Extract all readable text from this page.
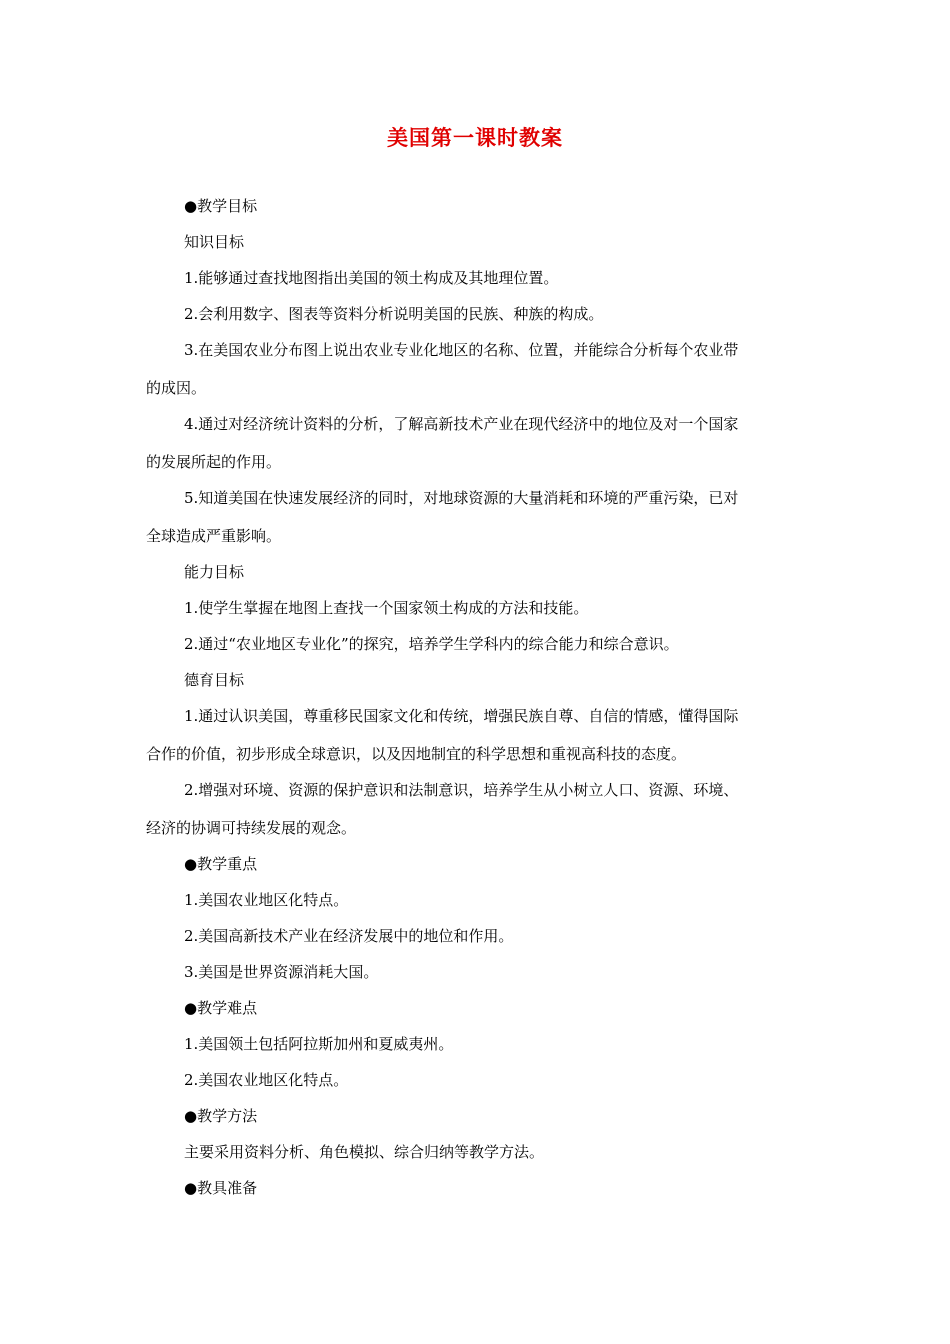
美国第一课时教案

●教学目标

知识目标

1.能够通过查找地图指出美国的领土构成及其地理位置。

2.会利用数字、图表等资料分析说明美国的民族、种族的构成。

3.在美国农业分布图上说出农业专业化地区的名称、位置，并能综合分析每个农业带

的成因。

4.通过对经济统计资料的分析，了解高新技术产业在现代经济中的地位及对一个国家

的发展所起的作用。

5.知道美国在快速发展经济的同时，对地球资源的大量消耗和环境的严重污染，已对

全球造成严重影响。

能力目标

1.使学生掌握在地图上查找一个国家领土构成的方法和技能。

2.通过“农业地区专业化”的探究，培养学生学科内的综合能力和综合意识。

德育目标

1.通过认识美国，尊重移民国家文化和传统，增强民族自尊、自信的情感，懂得国际

合作的价值，初步形成全球意识，以及因地制宜的科学思想和重视高科技的态度。

2.增强对环境、资源的保护意识和法制意识，培养学生从小树立人口、资源、环境、

经济的协调可持续发展的观念。

●教学重点

1.美国农业地区化特点。

2.美国高新技术产业在经济发展中的地位和作用。

3.美国是世界资源消耗大国。

●教学难点

1.美国领土包括阿拉斯加州和夏威夷州。

2.美国农业地区化特点。

●教学方法

主要采用资料分析、角色模拟、综合归纳等教学方法。

●教具准备
